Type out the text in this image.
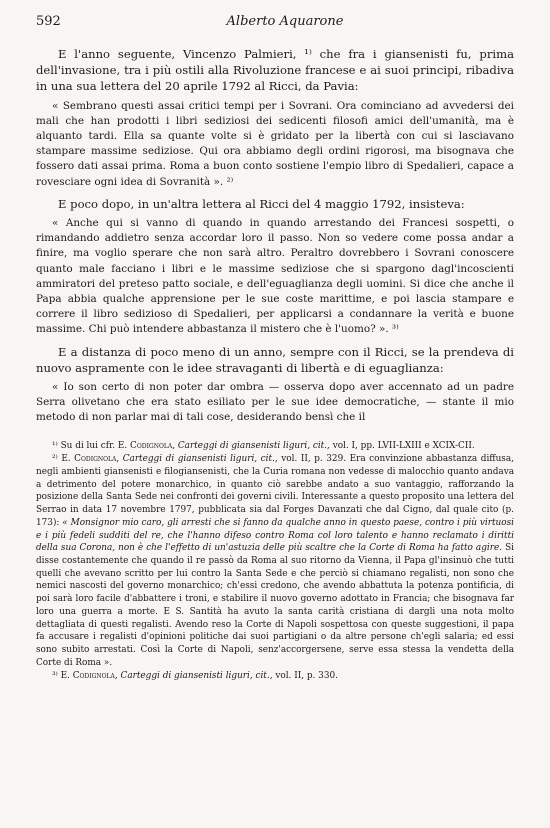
592	Alberto Aquarone

E l'anno seguente, Vincenzo Palmieri, ¹⁾ che fra i giansenisti fu, prima dell'invasione, tra i più ostili alla Rivoluzione francese e ai suoi principi, ribadiva in una sua lettera del 20 aprile 1792 al Ricci, da Pavia:

« Sembrano questi assai critici tempi per i Sovrani. Ora cominciano ad avvedersi dei mali che han prodotti i libri sediziosi dei sedicenti filosofi amici dell'umanità, ma è alquanto tardi. Ella sa quante volte si è gridato per la libertà con cui si lasciavano stampare massime sediziose. Qui ora abbiamo degli ordini rigorosi, ma bisognava che fossero dati assai prima. Roma a buon conto sostiene l'empio libro di Spedalieri, capace a rovesciare ogni idea di Sovranità ». ²⁾

E poco dopo, in un'altra lettera al Ricci del 4 maggio 1792, insisteva:

« Anche qui si vanno di quando in quando arrestando dei Francesi sospetti, o rimandando addietro senza accordar loro il passo. Non so vedere come possa andar a finire, ma voglio sperare che non sarà altro. Peraltro dovrebbero i Sovrani conoscere quanto male facciano i libri e le massime sediziose che si spargono dagl'incoscienti ammiratori del preteso patto sociale, e dell'eguaglianza degli uomini. Si dice che anche il Papa abbia qualche apprensione per le sue coste marittime, e poi lascia stampare e correre il libro sedizioso di Spedalieri, per applicarsi a condannare la verità e buone massime. Chi può intendere abbastanza il mistero che è l'uomo? ». ³⁾

E a distanza di poco meno di un anno, sempre con il Ricci, se la prendeva di nuovo aspramente con le idee stravaganti di libertà e di eguaglianza:

« Io son certo di non poter dar ombra — osserva dopo aver accennato ad un padre Serra olivetano che era stato esiliato per le sue idee democratiche, — stante il mio metodo di non parlar mai di tali cose, desiderando bensì che il

¹⁾ Su di lui cfr. E. Codignola, Carteggi di giansenisti liguri, cit., vol. I, pp. LVII-LXIII e XCIX-CII.

²⁾ E. Codignola, Carteggi di giansenisti liguri, cit., vol. II, p. 329. Era convinzione abbastanza diffusa, negli ambienti giansenisti e filogiansenisti, che la Curia romana non vedesse di malocchio quanto andava a detrimento del potere monarchico, in quanto ciò sarebbe andato a suo vantaggio, rafforzando la posizione della Santa Sede nei confronti dei governi civili. Interessante a questo proposito una lettera del Serrao in data 17 novembre 1797, pubblicata sia dal Forges Davanzati che dal Cigno, dal quale cito (p. 173): « Monsignor mio caro, gli arresti che si fanno da qualche anno in questo paese, contro i più virtuosi e i più fedeli sudditi del re, che l'hanno difeso contro Roma col loro talento e hanno reclamato i diritti della sua Corona, non è che l'effetto di un'astuzia delle più scaltre che la Corte di Roma ha fatto agire. Si disse costantemente che quando il re passò da Roma al suo ritorno da Vienna, il Papa gl'insinuò che tutti quelli che avevano scritto per lui contro la Santa Sede e che perciò si chiamano regalisti, non sono che nemici nascosti del governo monarchico; ch'essi credono, che avendo abbattuta la potenza pontificia, di poi sarà loro facile d'abbattere i troni, e stabilire il nuovo governo adottato in Francia; che bisognava far loro una guerra a morte. E S. Santità ha avuto la santa carità cristiana di dargli una nota molto dettagliata di questi regalisti. Avendo reso la Corte di Napoli sospettosa con queste suggestioni, il papa fa accusare i regalisti d'opinioni politiche dai suoi partigiani o da altre persone ch'egli salaria; ed essi sono subito arrestati. Così la Corte di Napoli, senz'accorgersene, serve essa stessa la vendetta della Corte di Roma ».

³⁾ E. Codignola, Carteggi di giansenisti liguri, cit., vol. II, p. 330.
